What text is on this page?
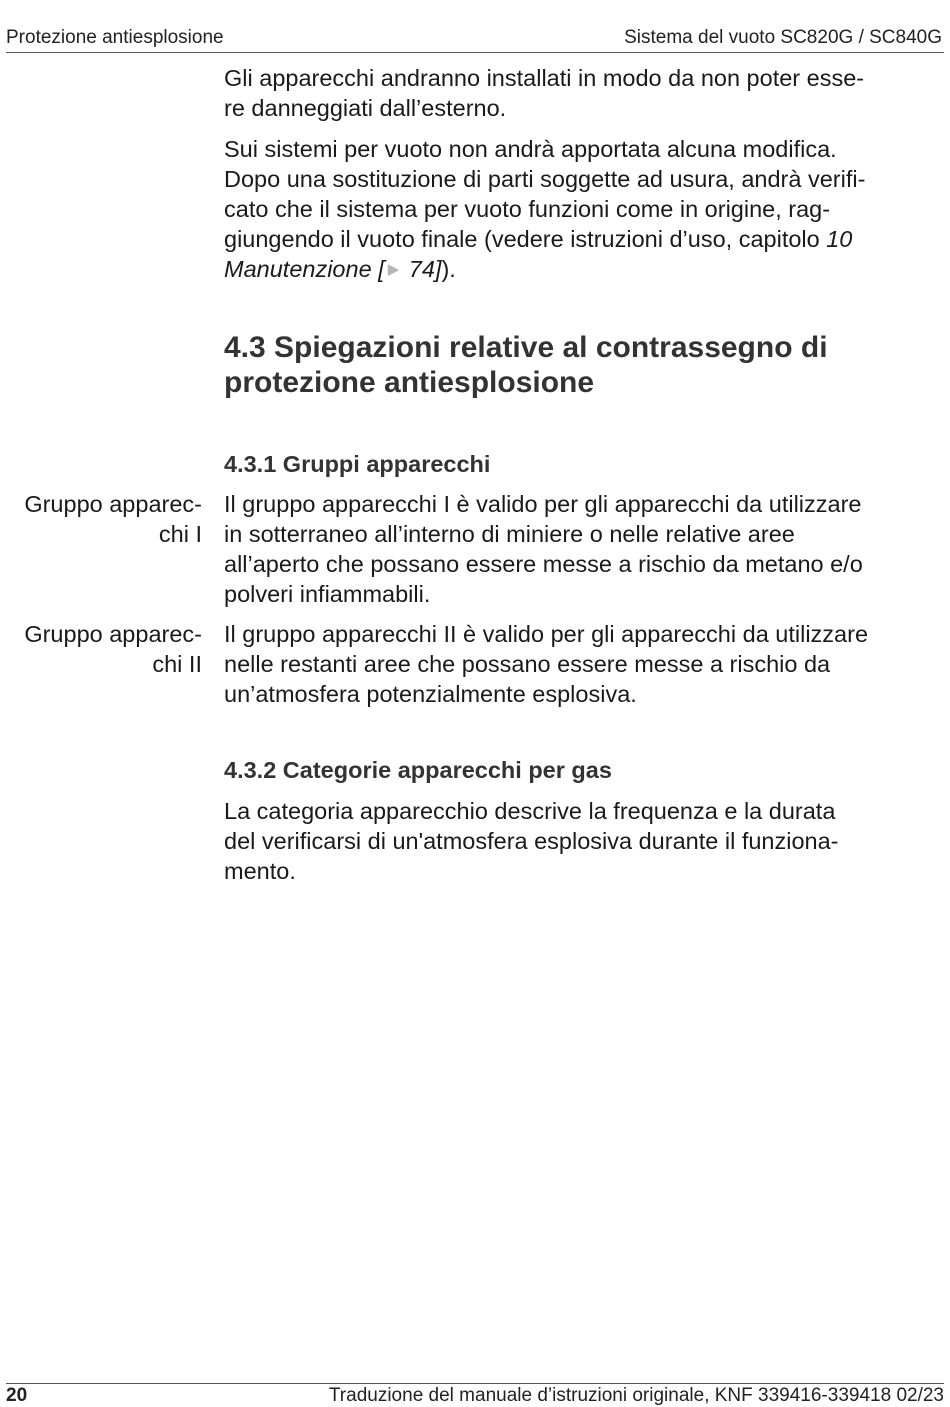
Protezione antiesplosione	Sistema del vuoto SC820G / SC840G

Gli apparecchi andranno installati in modo da non poter esse-
re danneggiati dall’esterno.

Sui sistemi per vuoto non andrà apportata alcuna modifica.
Dopo una sostituzione di parti soggette ad usura, andrà verifi-
cato che il sistema per vuoto funzioni come in origine, rag-
giungendo il vuoto finale (vedere istruzioni d’uso, capitolo 10
Manutenzione [ ▶ 74]).

4.3 Spiegazioni relative al contrassegno di
protezione antiesplosione
4.3.1 Gruppi apparecchi

Gruppo apparec-
chi I

Il gruppo apparecchi I è valido per gli apparecchi da utilizzare
in sotterraneo all’interno di miniere o nelle relative aree
all’aperto che possano essere messe a rischio da metano e/o
polveri infiammabili.

Gruppo apparec-
chi II

Il gruppo apparecchi II è valido per gli apparecchi da utilizzare
nelle restanti aree che possano essere messe a rischio da
un’atmosfera potenzialmente esplosiva.

4.3.2 Categorie apparecchi per gas

La categoria apparecchio descrive la frequenza e la durata
del verificarsi di un'atmosfera esplosiva durante il funziona-
mento.

20	Traduzione del manuale d’istruzioni originale, KNF 339416-339418 02/23
